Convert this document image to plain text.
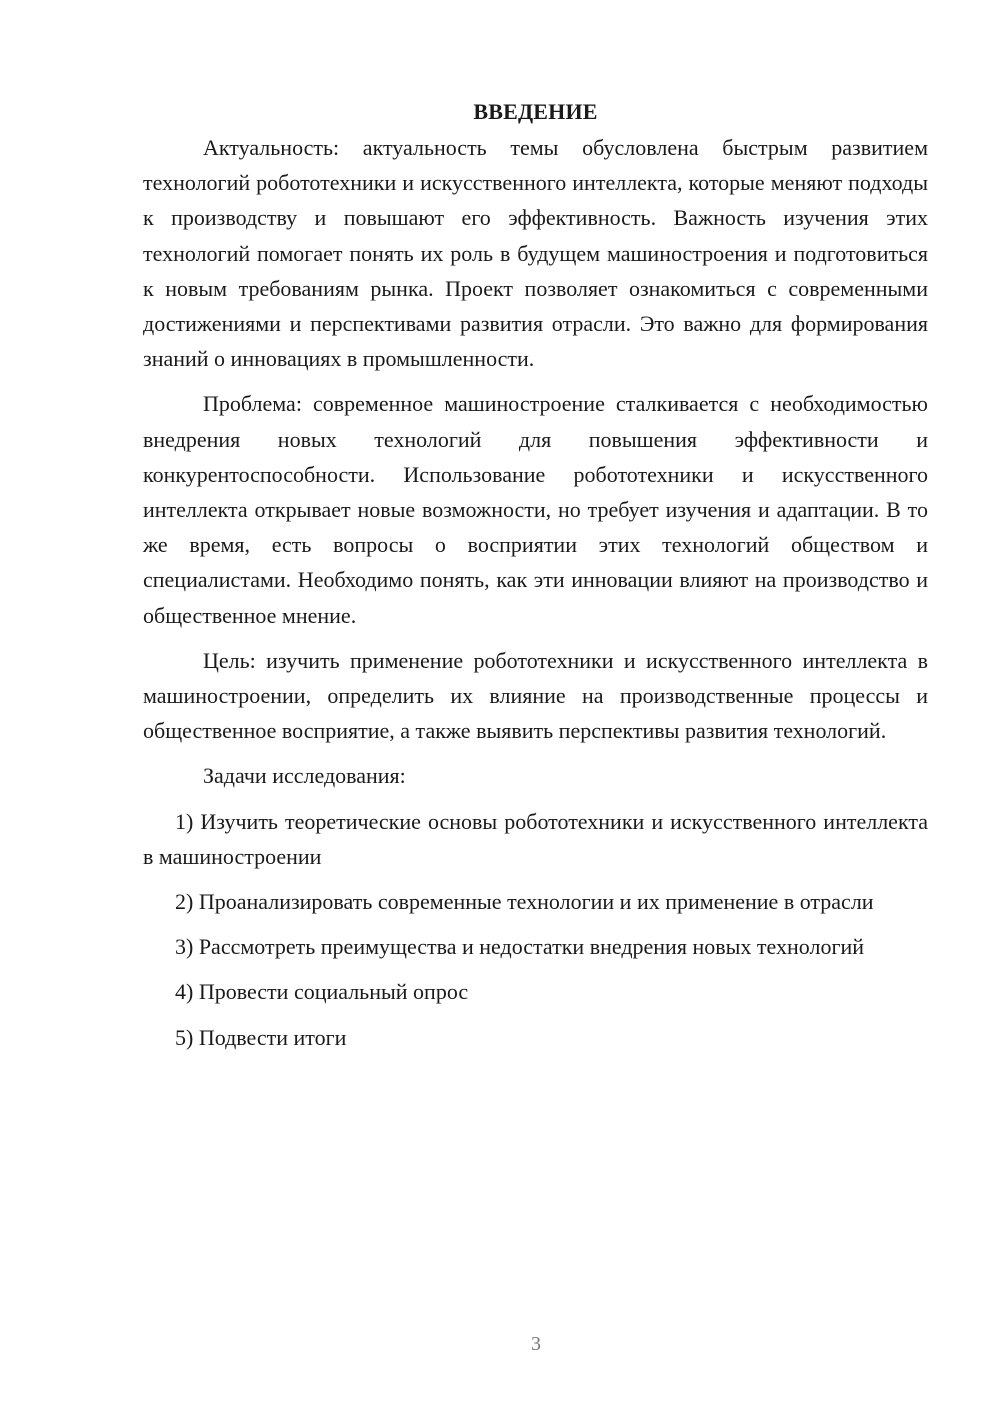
ВВЕДЕНИЕ

Актуальность: актуальность темы обусловлена быстрым развитием технологий робототехники и искусственного интеллекта, которые меняют подходы к производству и повышают его эффективность. Важность изучения этих технологий помогает понять их роль в будущем машиностроения и подготовиться к новым требованиям рынка. Проект позволяет ознакомиться с современными достижениями и перспективами развития отрасли. Это важно для формирования знаний о инновациях в промышленности.

Проблема: современное машиностроение сталкивается с необходимостью внедрения новых технологий для повышения эффективности и конкурентоспособности. Использование робототехники и искусственного интеллекта открывает новые возможности, но требует изучения и адаптации. В то же время, есть вопросы о восприятии этих технологий обществом и специалистами. Необходимо понять, как эти инновации влияют на производство и общественное мнение.

Цель: изучить применение робототехники и искусственного интеллекта в машиностроении, определить их влияние на производственные процессы и общественное восприятие, а также выявить перспективы развития технологий.

Задачи исследования:

1) Изучить теоретические основы робототехники и искусственного интеллекта в машиностроении

2) Проанализировать современные технологии и их применение в отрасли

3) Рассмотреть преимущества и недостатки внедрения новых технологий

4) Провести социальный опрос

5) Подвести итоги

3
